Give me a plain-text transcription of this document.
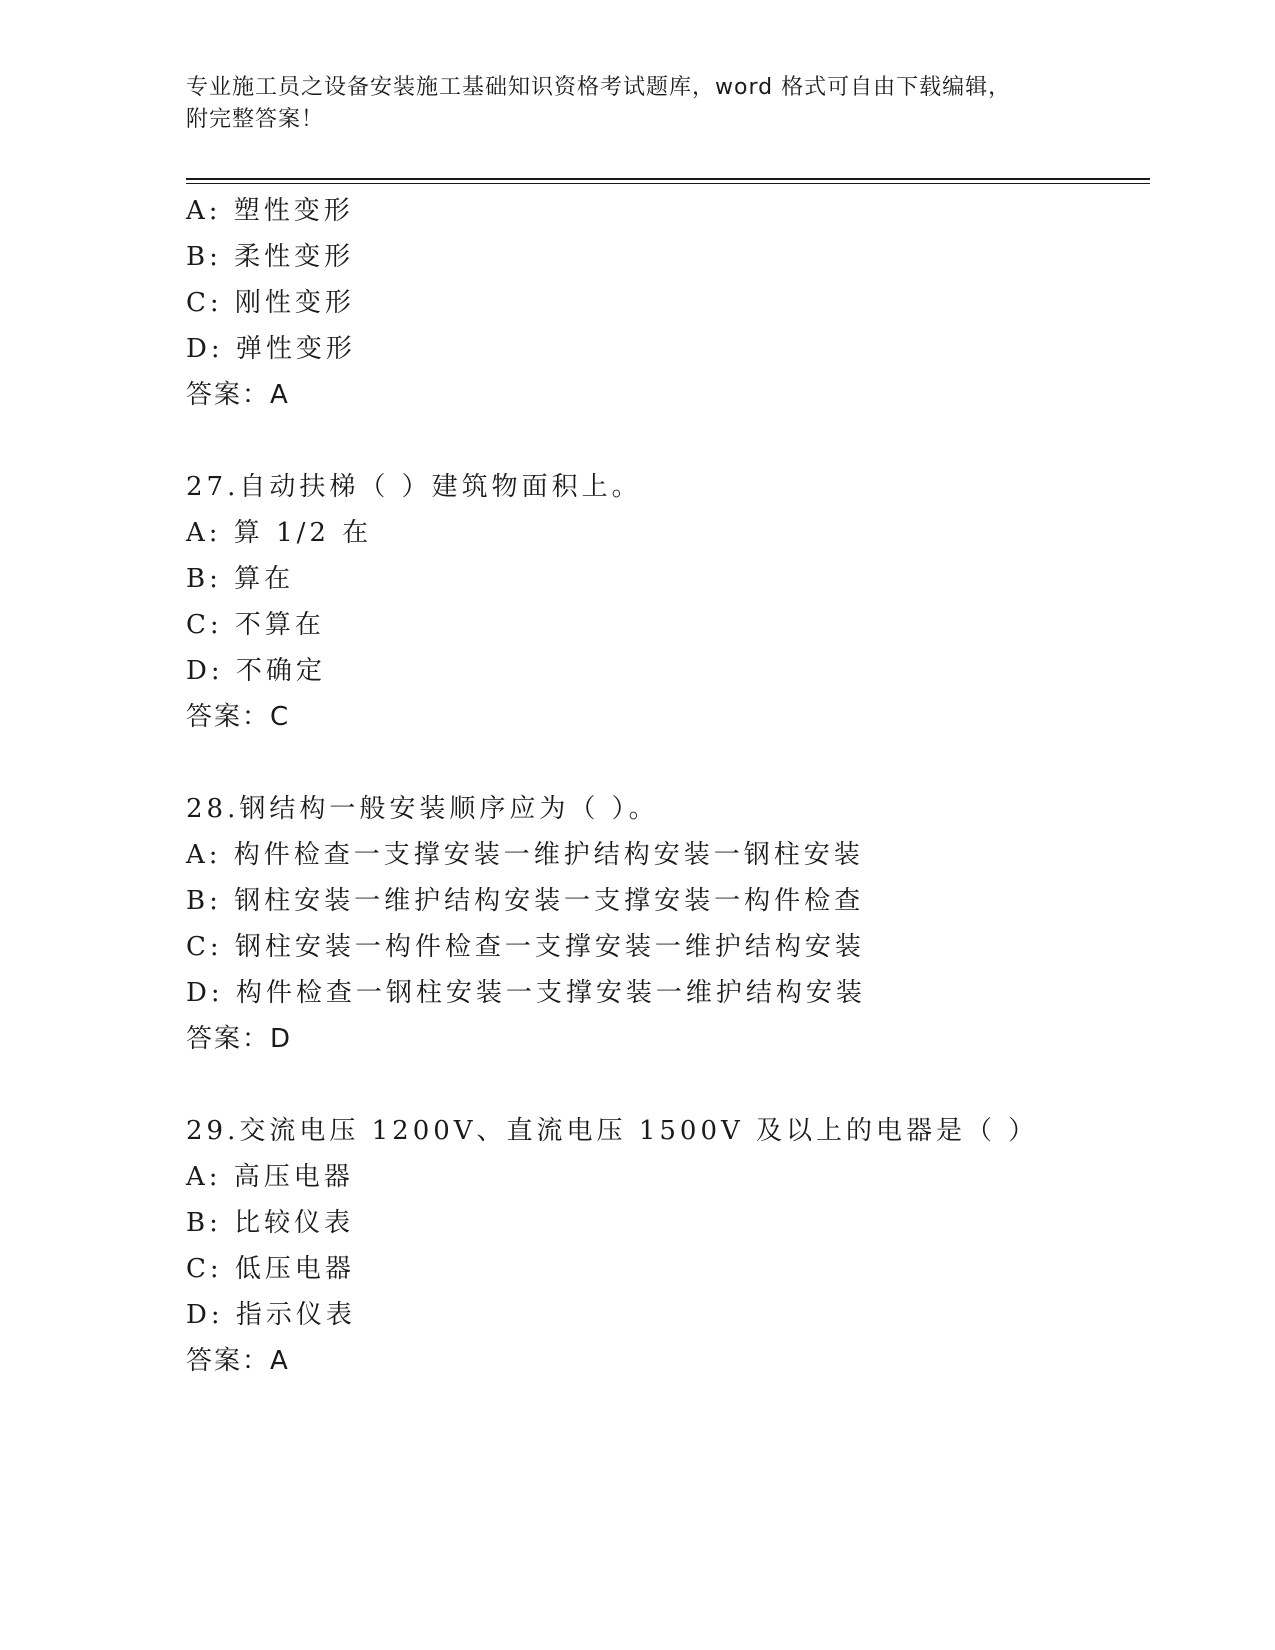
专业施工员之设备安装施工基础知识资格考试题库，word 格式可自由下载编辑，
附完整答案！
A: 塑性变形
B: 柔性变形
C: 刚性变形
D: 弹性变形
答案：A
27.自动扶梯（ ）建筑物面积上。
A: 算 1/2 在
B: 算在
C: 不算在
D: 不确定
答案：C
28.钢结构一般安装顺序应为（ ）。
A: 构件检查一支撑安装一维护结构安装一钢柱安装
B: 钢柱安装一维护结构安装一支撑安装一构件检查
C: 钢柱安装一构件检查一支撑安装一维护结构安装
D: 构件检查一钢柱安装一支撑安装一维护结构安装
答案：D
29.交流电压 1200V、直流电压 1500V 及以上的电器是（ ）
A: 高压电器
B: 比较仪表
C: 低压电器
D: 指示仪表
答案：A
